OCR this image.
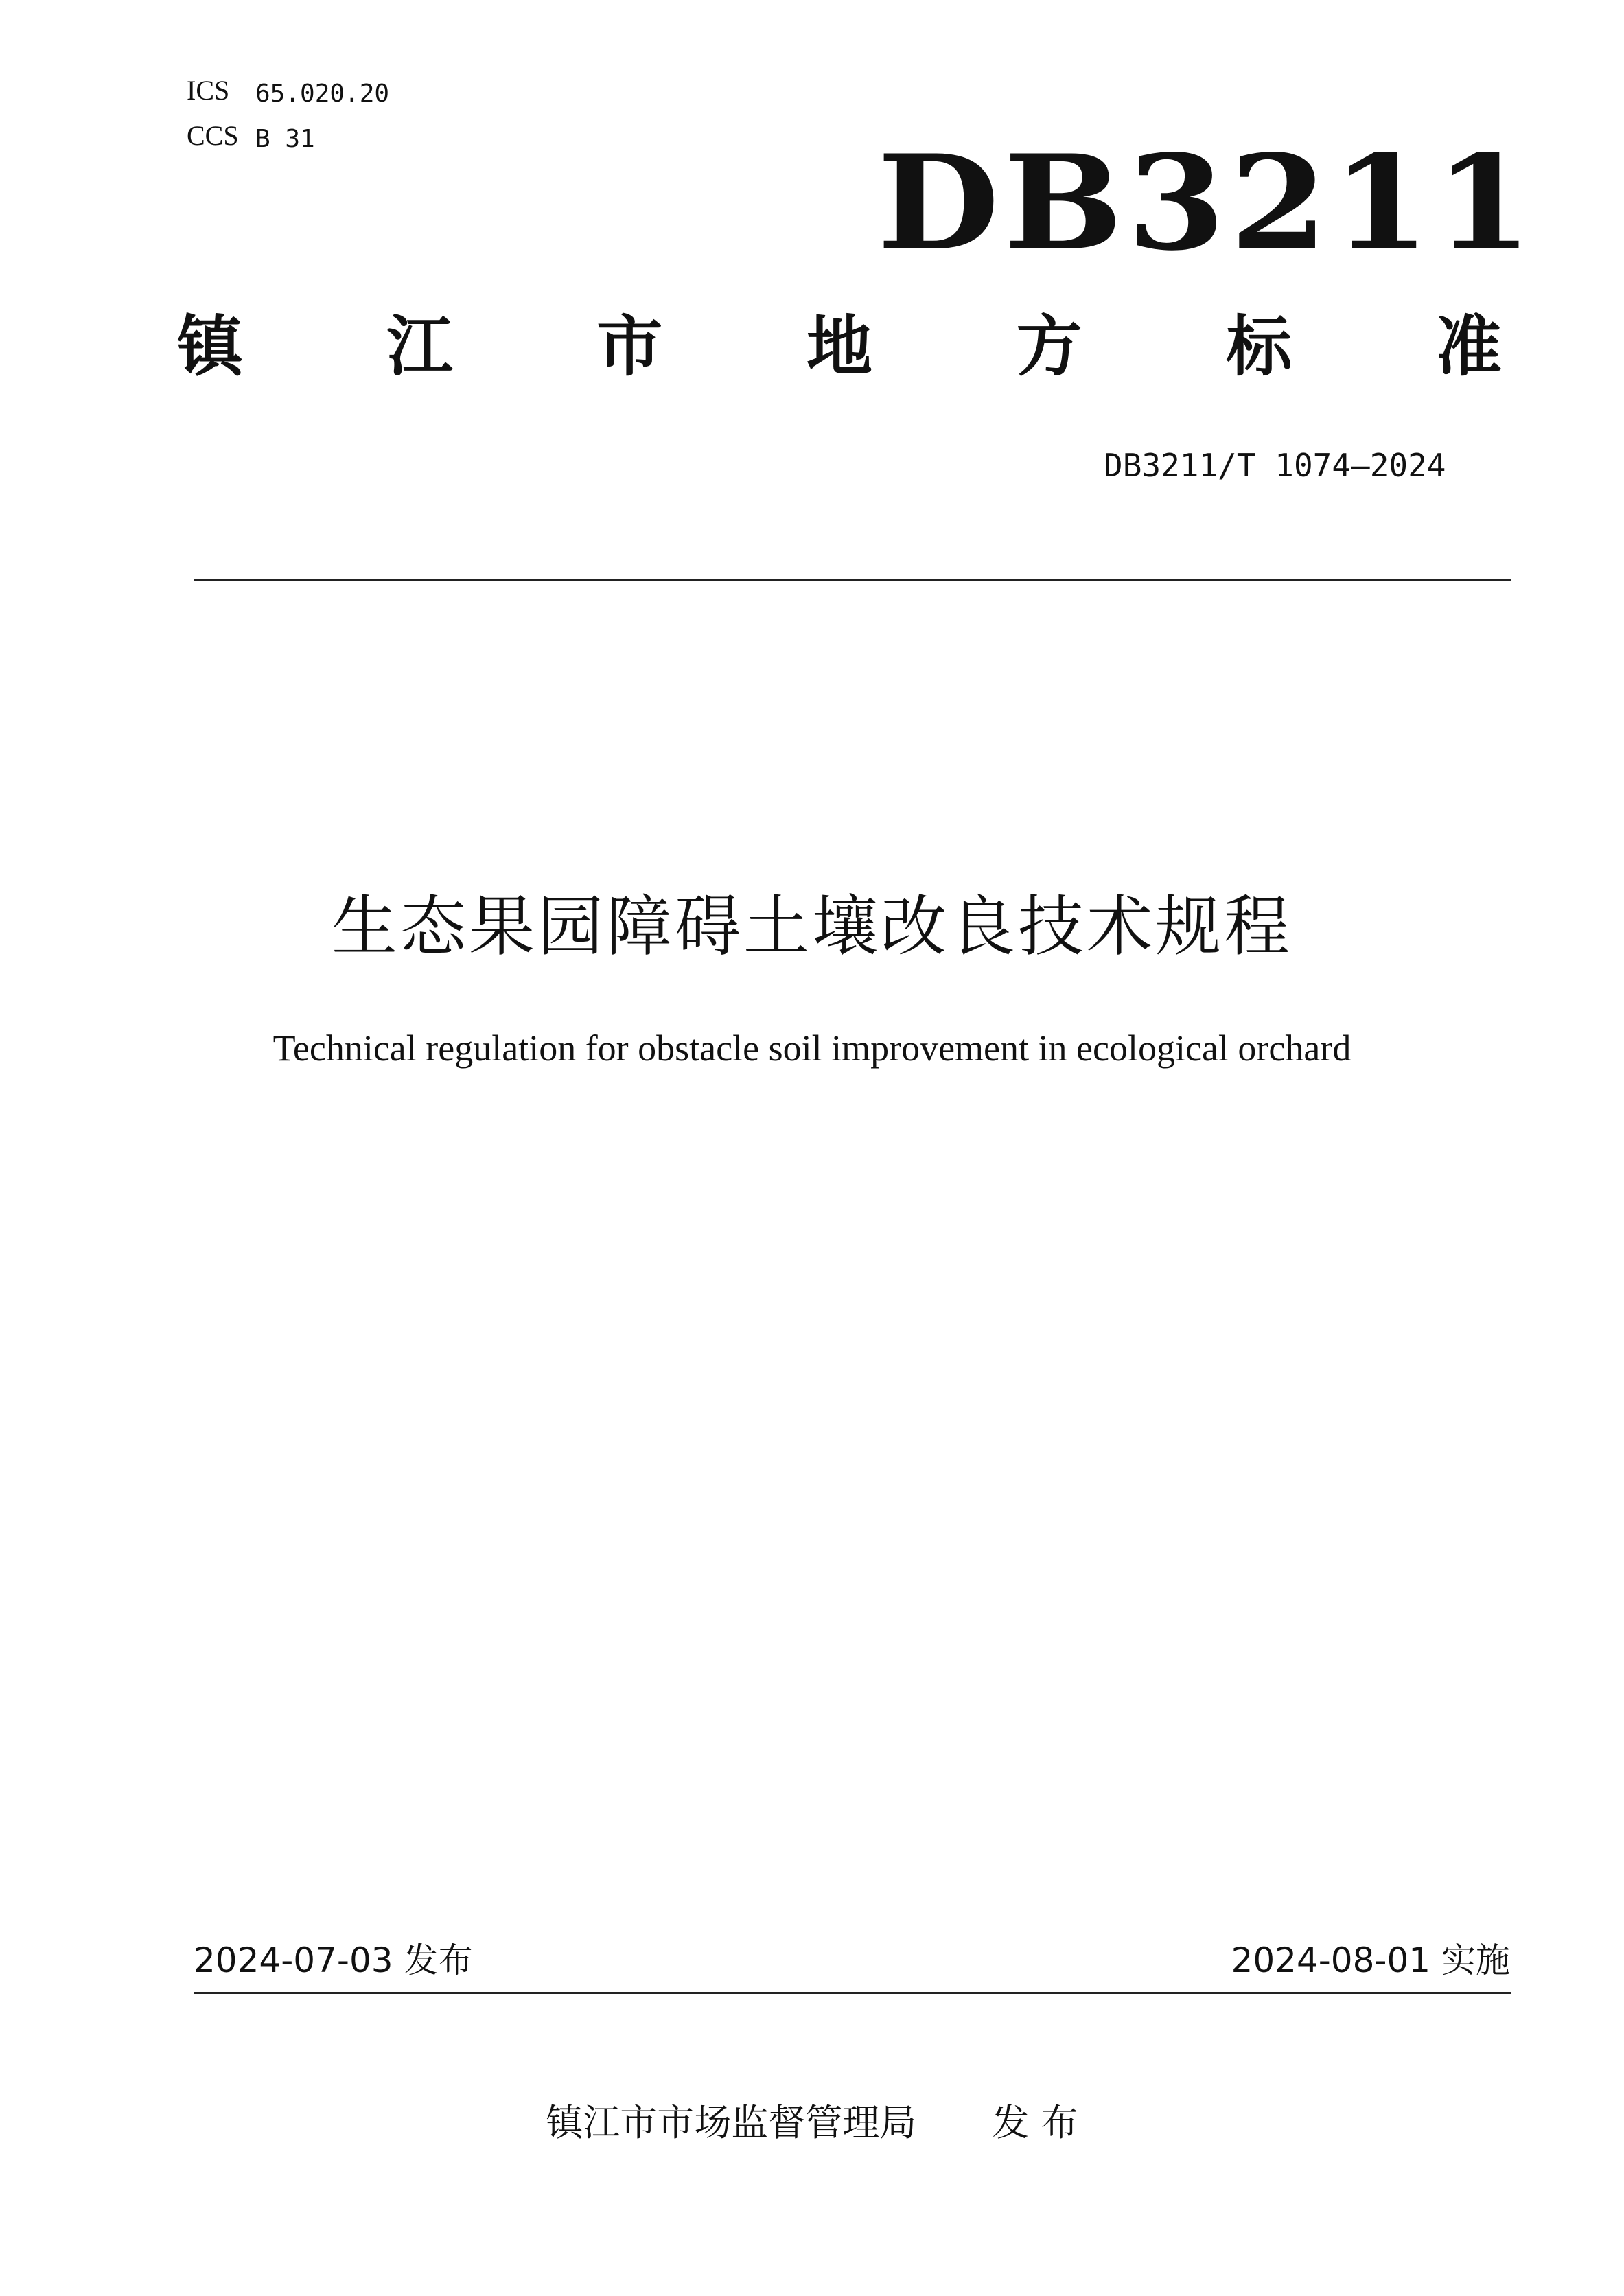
ICS 65.020.20
CCS B 31	DB3211
镇 江 市 地 方 标 准
DB3211/T 1074—2024
生态果园障碍土壤改良技术规程
Technical regulation for obstacle soil improvement in ecological orchard
2024-07-03 发布	2024-08-01 实施
镇江市市场监督管理局 发 布
